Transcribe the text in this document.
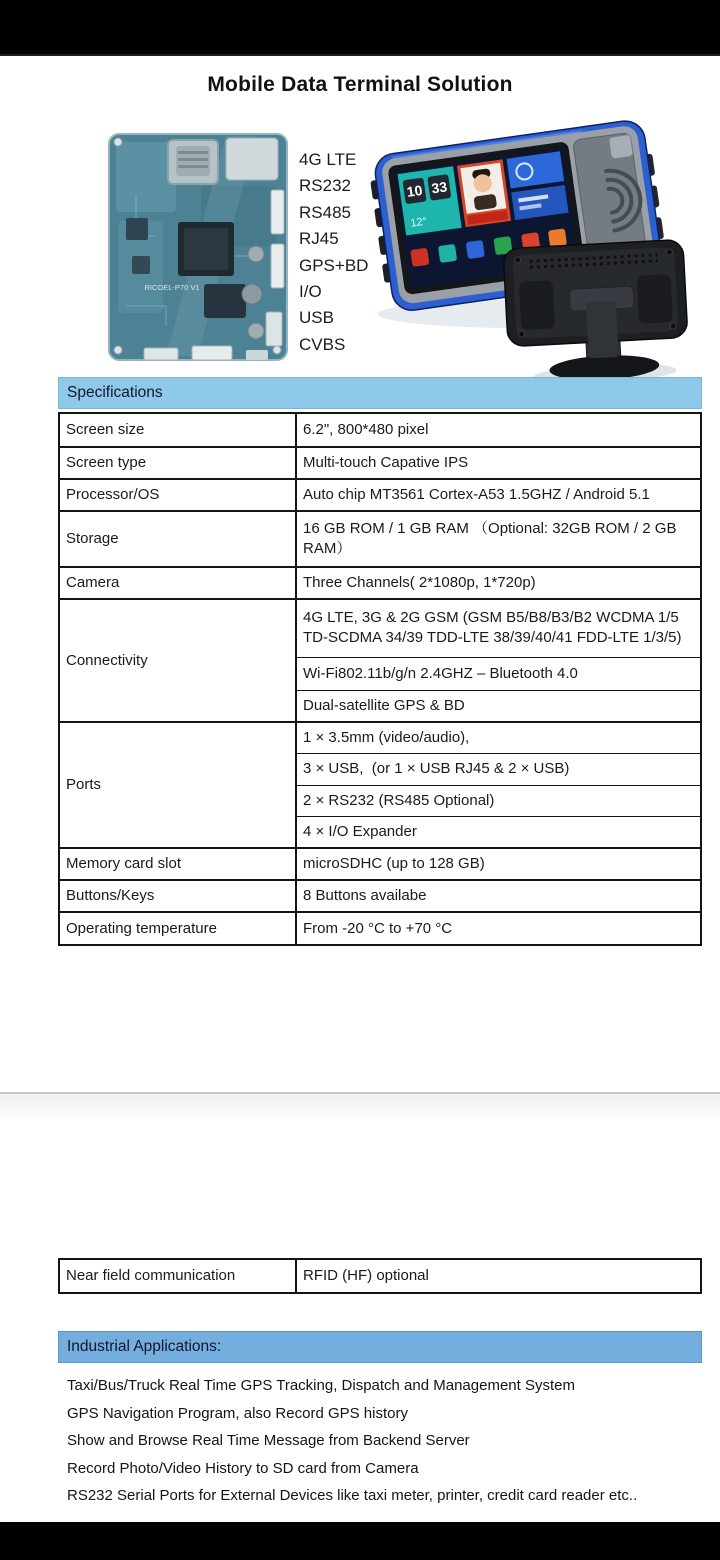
Mobile Data Terminal Solution
RICOEL-P70 V1
4G LTE
RS232
RS485
RJ45
GPS+BD
I/O
USB
CVBS
10 33
12°
Specifications
Screen size	6.2", 800*480 pixel
Screen type	Multi-touch Capative IPS
Processor/OS	Auto chip MT3561 Cortex-A53 1.5GHZ / Android 5.1
Storage	16 GB ROM / 1 GB RAM （Optional: 32GB ROM / 2 GB RAM）
Camera	Three Channels( 2*1080p, 1*720p)
Connectivity	4G LTE, 3G & 2G GSM (GSM B5/B8/B3/B2 WCDMA 1/5 TD-SCDMA 34/39 TDD-LTE 38/39/40/41 FDD-LTE 1/3/5)
	Wi-Fi802.11b/g/n 2.4GHZ – Bluetooth 4.0
	Dual-satellite GPS & BD
Ports	1 × 3.5mm (video/audio),
	3 × USB,  (or 1 × USB RJ45 & 2 × USB)
	2 × RS232 (RS485 Optional)
	4 × I/O Expander
Memory card slot	microSDHC (up to 128 GB)
Buttons/Keys	8 Buttons availabe
Operating temperature	From -20 °C to +70 °C
Near field communication	RFID (HF) optional
Industrial Applications:
Taxi/Bus/Truck Real Time GPS Tracking, Dispatch and Management System
GPS Navigation Program, also Record GPS history
Show and Browse Real Time Message from Backend Server
Record Photo/Video History to SD card from Camera
RS232 Serial Ports for External Devices like taxi meter, printer, credit card reader etc..
